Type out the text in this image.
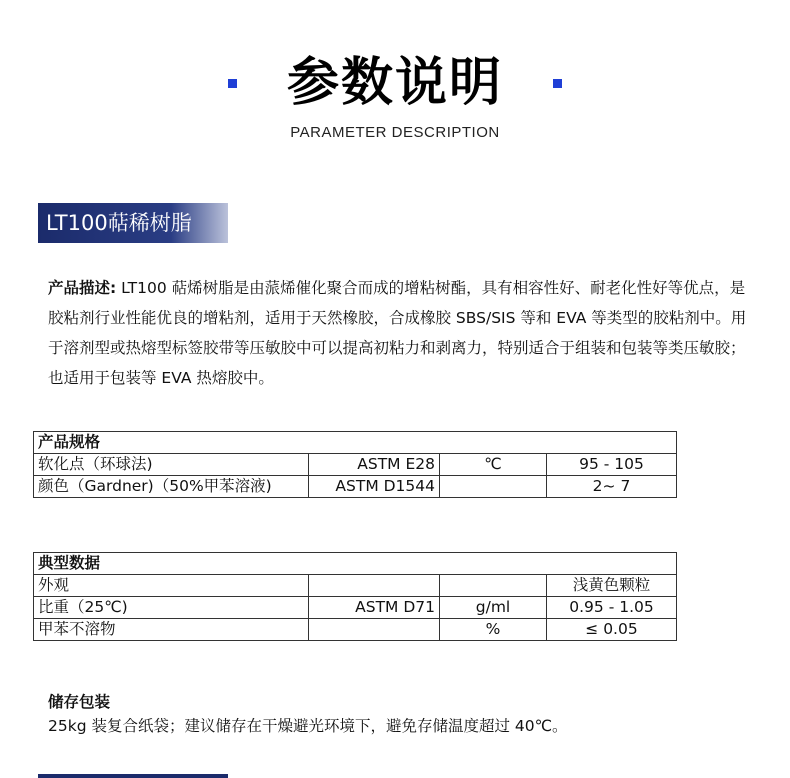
参数说明
PARAMETER DESCRIPTION
LT100萜稀树脂
产品描述: LT100 萜烯树脂是由蒎烯催化聚合而成的增粘树酯，具有相容性好、耐老化性好等优点，是胶粘剂行业性能优良的增粘剂，适用于天然橡胶，合成橡胶 SBS/SIS 等和 EVA 等类型的胶粘剂中。用于溶剂型或热熔型标签胶带等压敏胶中可以提高初粘力和剥离力，特别适合于组装和包装等类压敏胶；也适用于包装等 EVA 热熔胶中。
产品规格			
软化点（环球法)	ASTM E28	℃	95 - 105
颜色（Gardner)（50%甲苯溶液)	ASTM D1544		2~ 7
典型数据			
外观			浅黄色颗粒
比重（25℃)	ASTM D71	g/ml	0.95 - 1.05
甲苯不溶物		%	≤ 0.05
储存包装
25kg 装复合纸袋；建议储存在干燥避光环境下，避免存储温度超过 40℃。
